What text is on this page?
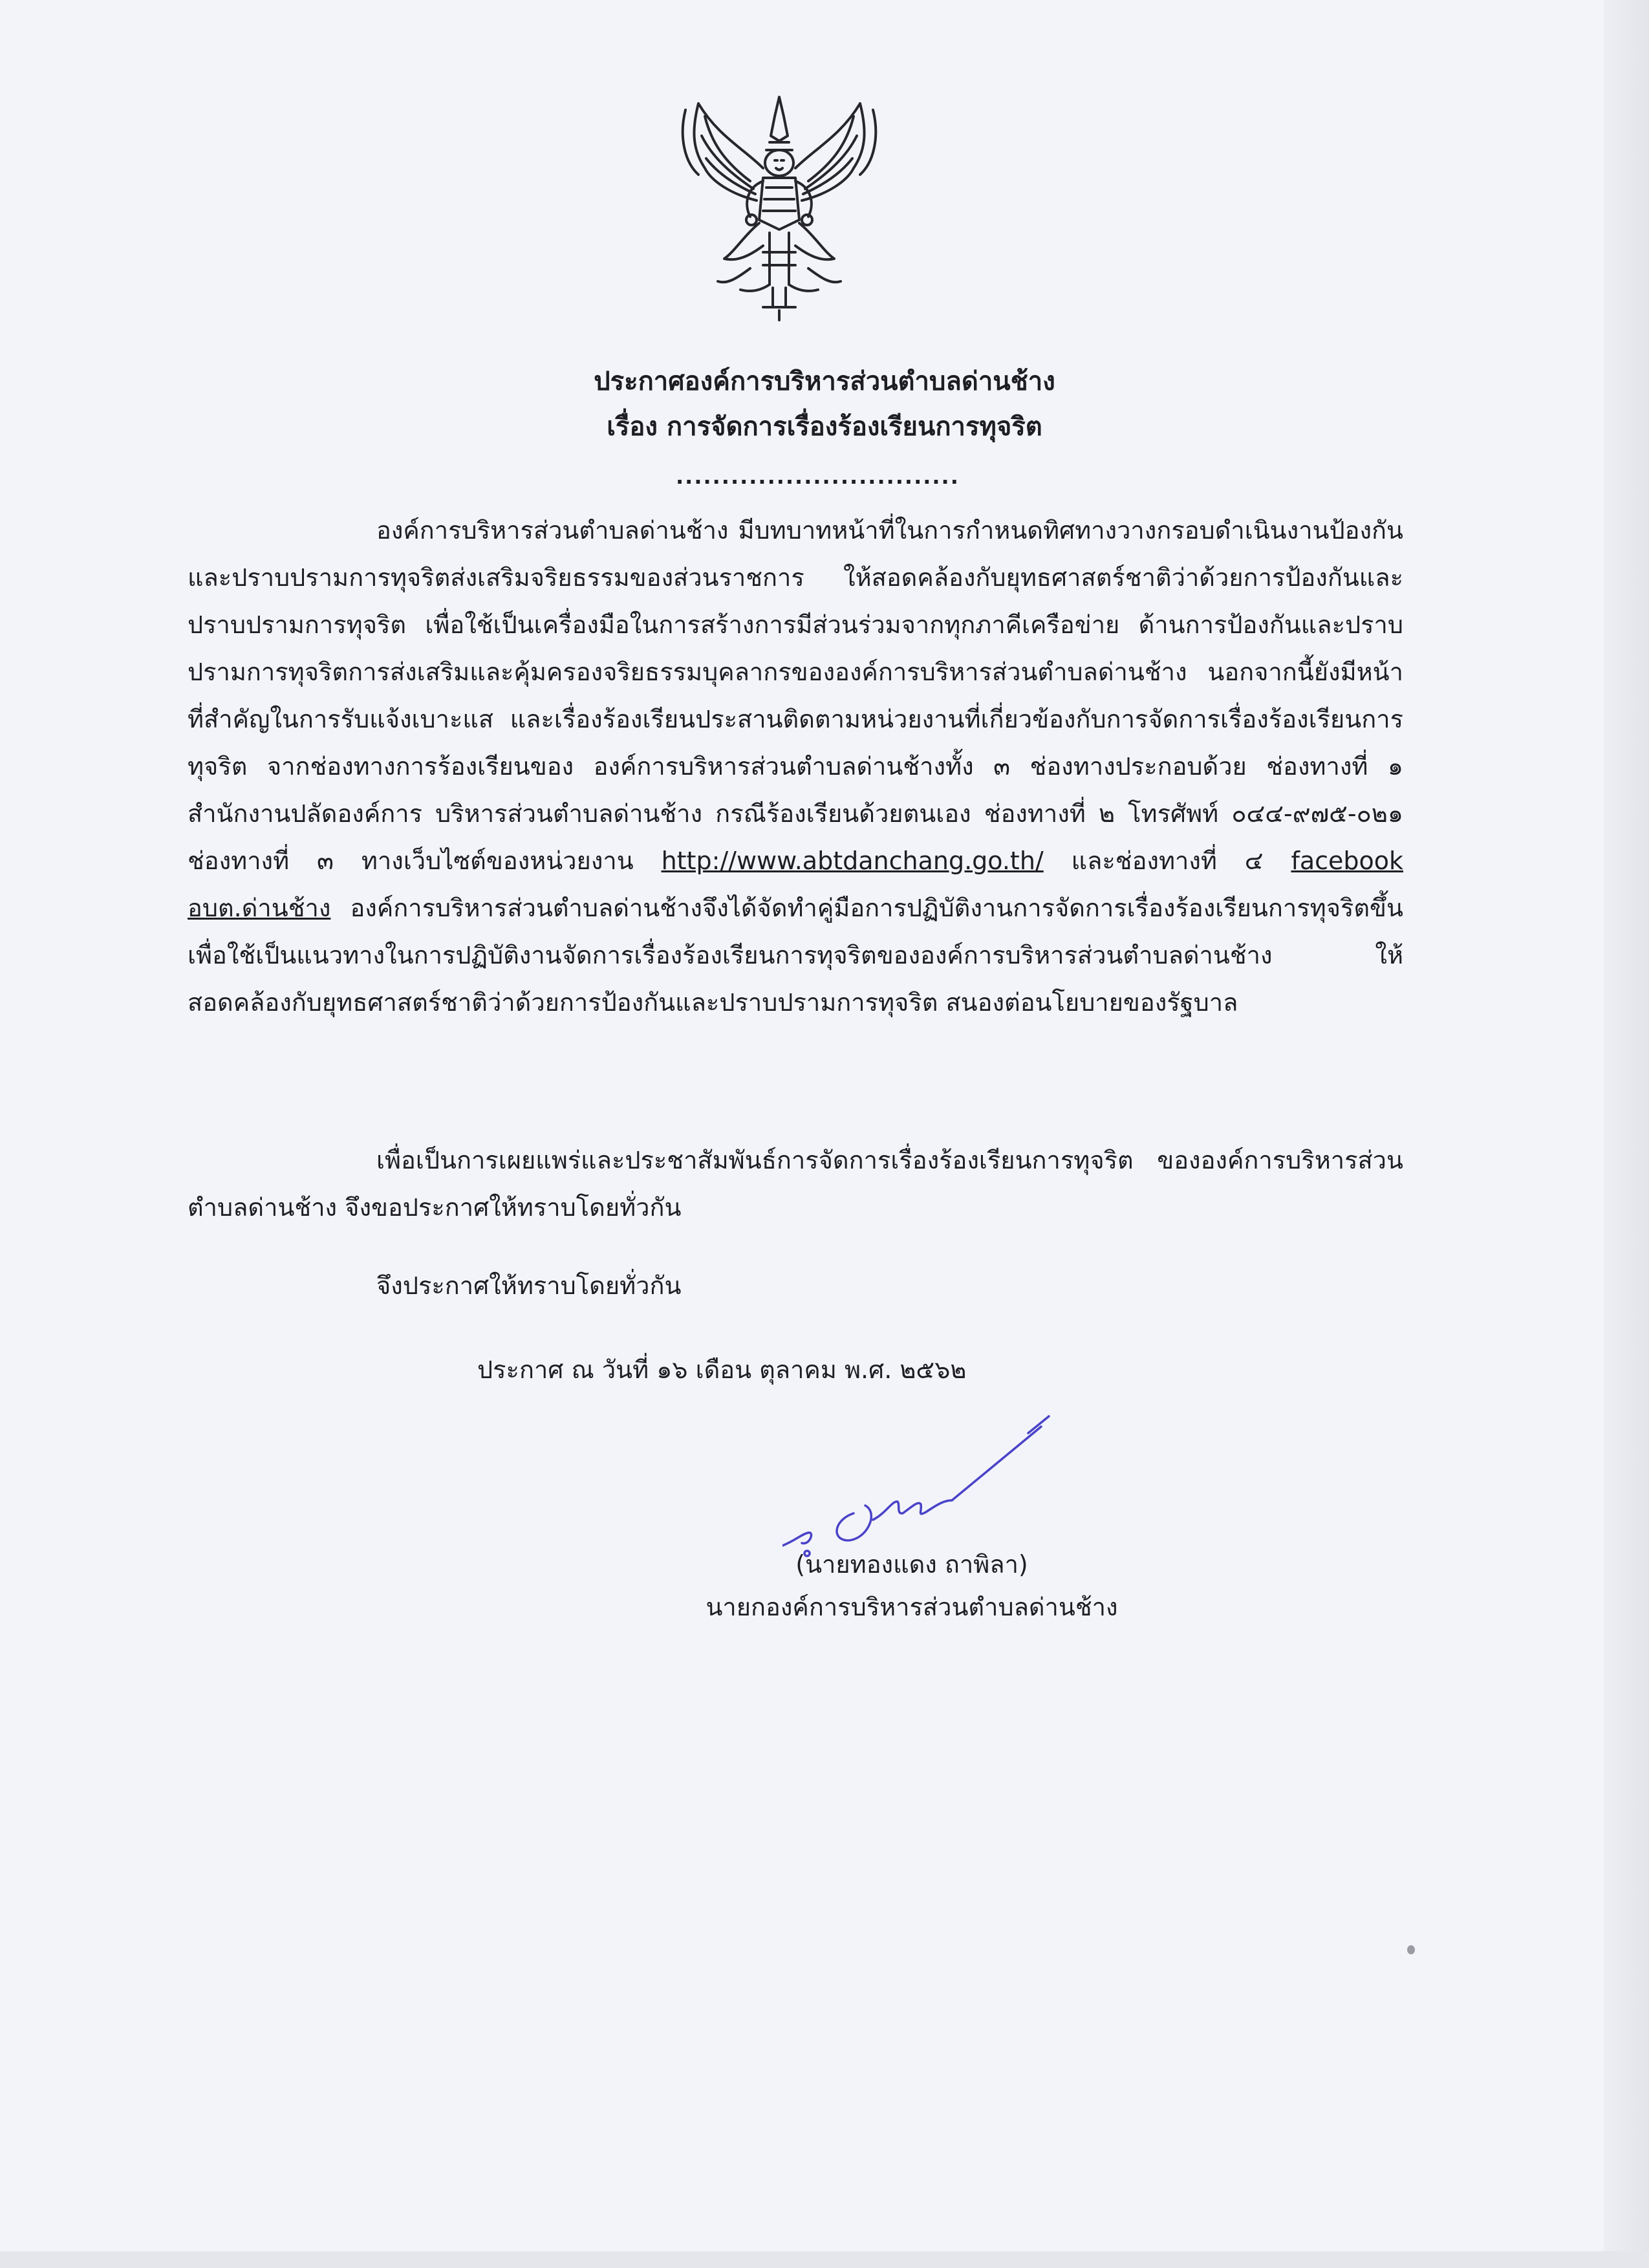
ประกาศองค์การบริหารส่วนตำบลด่านช้าง
เรื่อง การจัดการเรื่องร้องเรียนการทุจริต
...............................
องค์การบริหารส่วนตำบลด่านช้าง มีบทบาทหน้าที่ในการกำหนดทิศทางวางกรอบดำเนินงานป้องกันและปราบปรามการทุจริตส่งเสริมจริยธรรมของส่วนราชการ ให้สอดคล้องกับยุทธศาสตร์ชาติว่าด้วยการป้องกันและปราบปรามการทุจริต เพื่อใช้เป็นเครื่องมือในการสร้างการมีส่วนร่วมจากทุกภาคีเครือข่าย ด้านการป้องกันและปราบปรามการทุจริตการส่งเสริมและคุ้มครองจริยธรรมบุคลากรขององค์การบริหารส่วนตำบลด่านช้าง นอกจากนี้ยังมีหน้าที่สำคัญในการรับแจ้งเบาะแส และเรื่องร้องเรียนประสานติดตามหน่วยงานที่เกี่ยวข้องกับการจัดการเรื่องร้องเรียนการทุจริต จากช่องทางการร้องเรียนของ องค์การบริหารส่วนตำบลด่านช้างทั้ง ๓ ช่องทางประกอบด้วย ช่องทางที่ ๑ สำนักงานปลัดองค์การ บริหารส่วนตำบลด่านช้าง กรณีร้องเรียนด้วยตนเอง ช่องทางที่ ๒ โทรศัพท์ ๐๔๔-๙๗๕-๐๒๑ ช่องทางที่ ๓ ทางเว็บไซต์ของหน่วยงาน http://www.abtdanchang.go.th/ และช่องทางที่ ๔ facebook อบต.ด่านช้าง องค์การบริหารส่วนตำบลด่านช้างจึงได้จัดทำคู่มือการปฏิบัติงานการจัดการเรื่องร้องเรียนการทุจริตขึ้นเพื่อใช้เป็นแนวทางในการปฏิบัติงานจัดการเรื่องร้องเรียนการทุจริตขององค์การบริหารส่วนตำบลด่านช้าง ให้สอดคล้องกับยุทธศาสตร์ชาติว่าด้วยการป้องกันและปราบปรามการทุจริต สนองต่อนโยบายของรัฐบาล
เพื่อเป็นการเผยแพร่และประชาสัมพันธ์การจัดการเรื่องร้องเรียนการทุจริต ขององค์การบริหารส่วนตำบลด่านช้าง จึงขอประกาศให้ทราบโดยทั่วกัน
จึงประกาศให้ทราบโดยทั่วกัน
ประกาศ ณ วันที่ ๑๖ เดือน ตุลาคม พ.ศ. ๒๕๖๒
(นายทองแดง ถาพิลา)
นายกองค์การบริหารส่วนตำบลด่านช้าง
